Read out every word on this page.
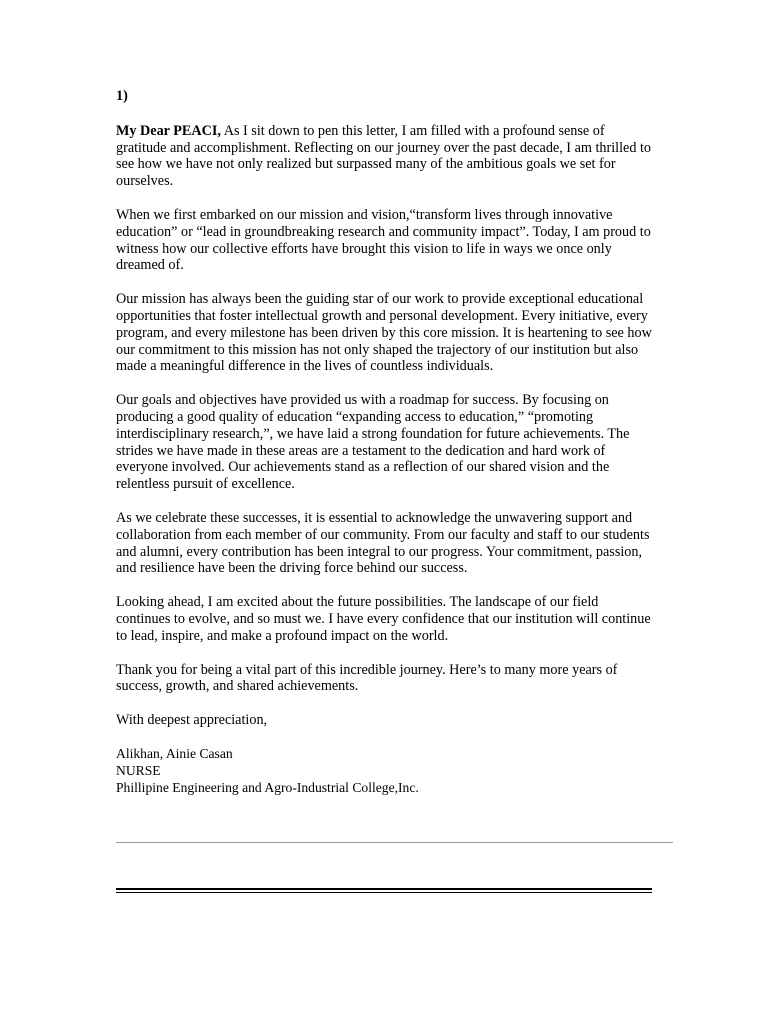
1)

My Dear PEACI, As I sit down to pen this letter, I am filled with a profound sense of gratitude and accomplishment. Reflecting on our journey over the past decade, I am thrilled to see how we have not only realized but surpassed many of the ambitious goals we set for ourselves.

When we first embarked on our mission and vision,“transform lives through innovative education” or “lead in groundbreaking research and community impact”. Today, I am proud to witness how our collective efforts have brought this vision to life in ways we once only dreamed of.

Our mission has always been the guiding star of our work to provide exceptional educational opportunities that foster intellectual growth and personal development. Every initiative, every program, and every milestone has been driven by this core mission. It is heartening to see how our commitment to this mission has not only shaped the trajectory of our institution but also made a meaningful difference in the lives of countless individuals.

Our goals and objectives have provided us with a roadmap for success. By focusing on producing a good quality of education “expanding access to education,” “promoting interdisciplinary research,”, we have laid a strong foundation for future achievements. The strides we have made in these areas are a testament to the dedication and hard work of everyone involved. Our achievements stand as a reflection of our shared vision and the relentless pursuit of excellence.

As we celebrate these successes, it is essential to acknowledge the unwavering support and collaboration from each member of our community. From our faculty and staff to our students and alumni, every contribution has been integral to our progress. Your commitment, passion, and resilience have been the driving force behind our success.

Looking ahead, I am excited about the future possibilities. The landscape of our field continues to evolve, and so must we. I have every confidence that our institution will continue to lead, inspire, and make a profound impact on the world.

Thank you for being a vital part of this incredible journey. Here’s to many more years of success, growth, and shared achievements.

With deepest appreciation,

Alikhan, Ainie Casan

NURSE

Phillipine Engineering and Agro-Industrial College,Inc.
